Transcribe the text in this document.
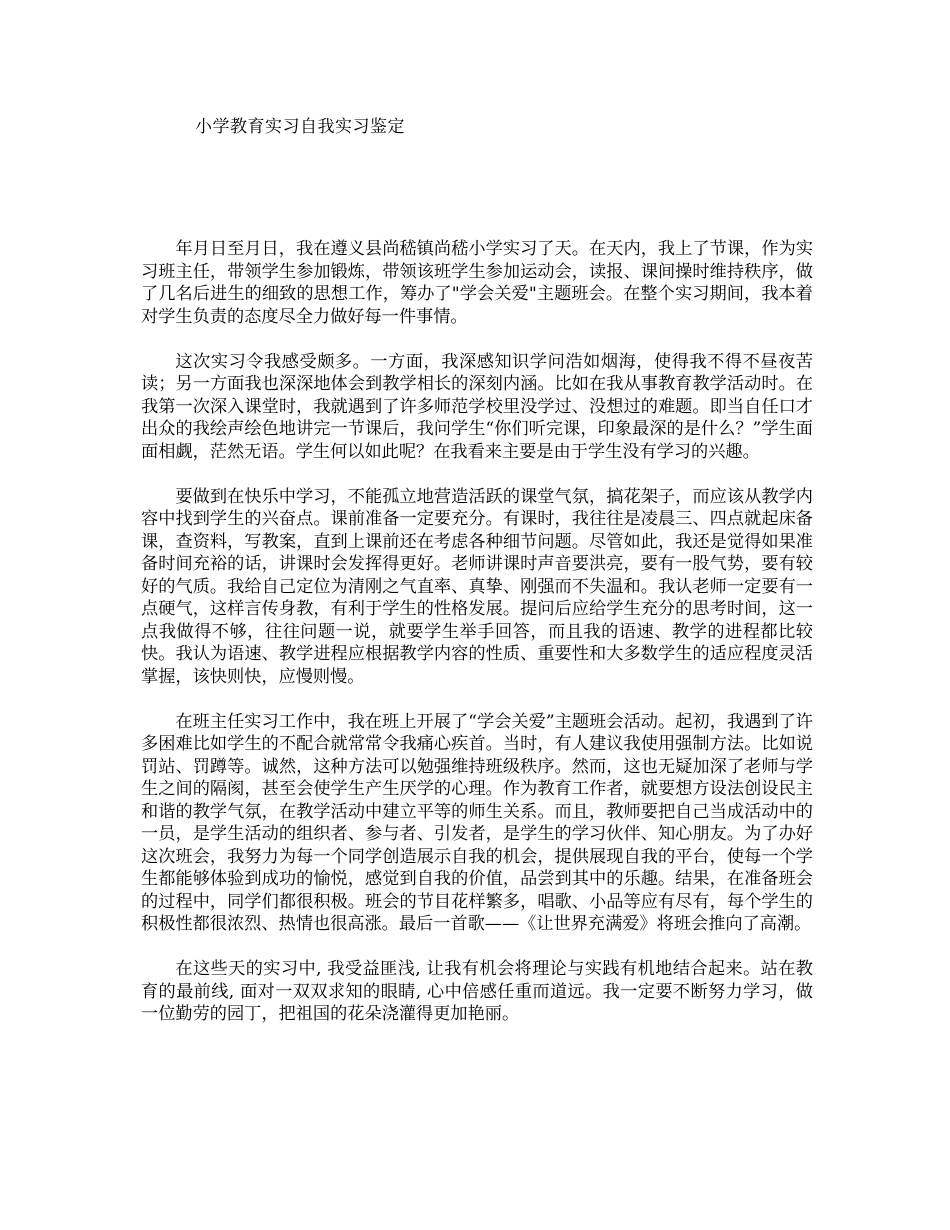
小学教育实习自我实习鉴定

年月日至月日，我在遵义县尚嵇镇尚嵇小学实习了天。在天内，我上了节课，作为实习班主任，带领学生参加锻炼，带领该班学生参加运动会，读报、课间操时维持秩序，做了几名后进生的细致的思想工作，筹办了"学会关爱"主题班会。在整个实习期间，我本着对学生负责的态度尽全力做好每一件事情。

这次实习令我感受颇多。一方面，我深感知识学问浩如烟海，使得我不得不昼夜苦读；另一方面我也深深地体会到教学相长的深刻内涵。比如在我从事教育教学活动时。在我第一次深入课堂时，我就遇到了许多师范学校里没学过、没想过的难题。即当自任口才出众的我绘声绘色地讲完一节课后，我问学生“你们听完课，印象最深的是什么？”学生面面相觑，茫然无语。学生何以如此呢？在我看来主要是由于学生没有学习的兴趣。

要做到在快乐中学习，不能孤立地营造活跃的课堂气氛，搞花架子，而应该从教学内容中找到学生的兴奋点。课前准备一定要充分。有课时，我往往是凌晨三、四点就起床备课，查资料，写教案，直到上课前还在考虑各种细节问题。尽管如此，我还是觉得如果准备时间充裕的话，讲课时会发挥得更好。老师讲课时声音要洪亮，要有一股气势，要有较好的气质。我给自己定位为清刚之气直率、真挚、刚强而不失温和。我认老师一定要有一点硬气，这样言传身教，有利于学生的性格发展。提问后应给学生充分的思考时间，这一点我做得不够，往往问题一说，就要学生举手回答，而且我的语速、教学的进程都比较快。我认为语速、教学进程应根据教学内容的性质、重要性和大多数学生的适应程度灵活掌握，该快则快，应慢则慢。

在班主任实习工作中，我在班上开展了“学会关爱”主题班会活动。起初，我遇到了许多困难比如学生的不配合就常常令我痛心疾首。当时，有人建议我使用强制方法。比如说罚站、罚蹲等。诚然，这种方法可以勉强维持班级秩序。然而，这也无疑加深了老师与学生之间的隔阂，甚至会使学生产生厌学的心理。作为教育工作者，就要想方设法创设民主和谐的教学气氛，在教学活动中建立平等的师生关系。而且，教师要把自己当成活动中的一员，是学生活动的组织者、参与者、引发者，是学生的学习伙伴、知心朋友。为了办好这次班会，我努力为每一个同学创造展示自我的机会，提供展现自我的平台，使每一个学生都能够体验到成功的愉悦，感觉到自我的价值，品尝到其中的乐趣。结果，在准备班会的过程中，同学们都很积极。班会的节目花样繁多，唱歌、小品等应有尽有，每个学生的积极性都很浓烈、热情也很高涨。最后一首歌——《让世界充满爱》将班会推向了高潮。

在这些天的实习中, 我受益匪浅, 让我有机会将理论与实践有机地结合起来。站在教育的最前线, 面对一双双求知的眼睛, 心中倍感任重而道远。我一定要不断努力学习，做一位勤劳的园丁，把祖国的花朵浇灌得更加艳丽。
